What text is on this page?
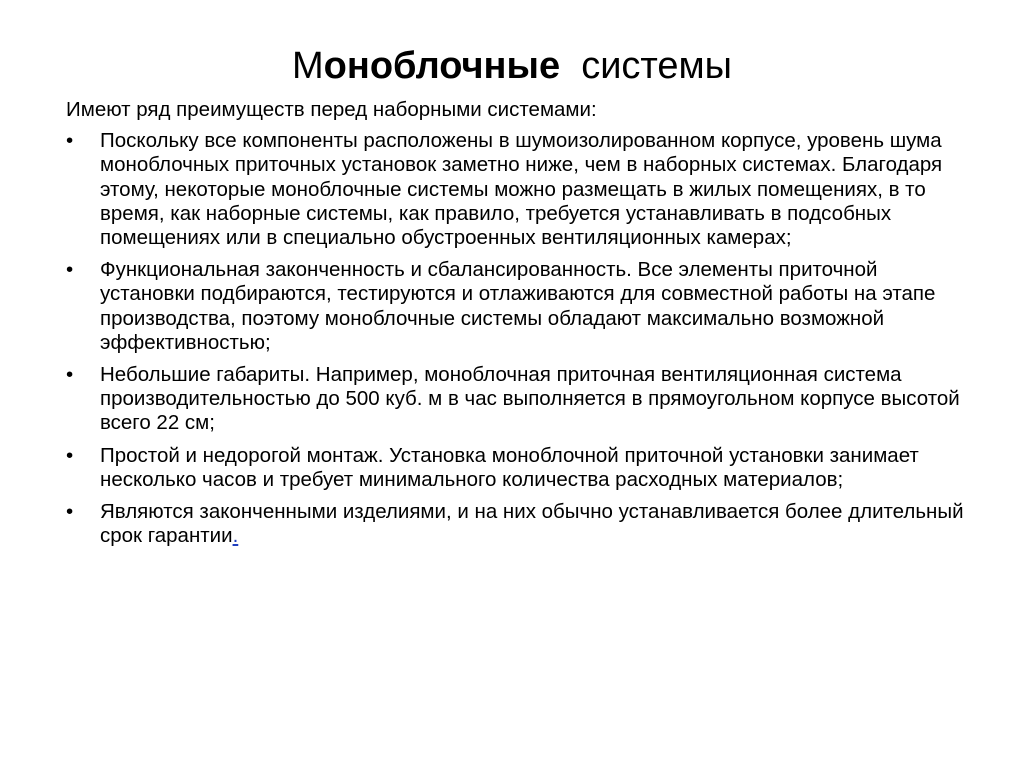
Моноблочные системы

Имеют ряд преимуществ перед наборными системами:

• Поскольку все компоненты расположены в шумоизолированном корпусе, уровень шума моноблочных приточных установок заметно ниже, чем в наборных системах. Благодаря этому, некоторые моноблочные системы можно размещать в жилых помещениях, в то время, как наборные системы, как правило, требуется устанавливать в подсобных помещениях или в специально обустроенных вентиляционных камерах;
• Функциональная законченность и сбалансированность. Все элементы приточной установки подбираются, тестируются и отлаживаются для совместной работы на этапе производства, поэтому моноблочные системы обладают максимально возможной эффективностью;
• Небольшие габариты. Например, моноблочная приточная вентиляционная система производительностью до 500 куб. м в час выполняется в прямоугольном корпусе высотой всего 22 см;
• Простой и недорогой монтаж. Установка моноблочной приточной установки занимает несколько часов и требует минимального количества расходных материалов;
• Являются законченными изделиями, и на них обычно устанавливается более длительный срок гарантии.
